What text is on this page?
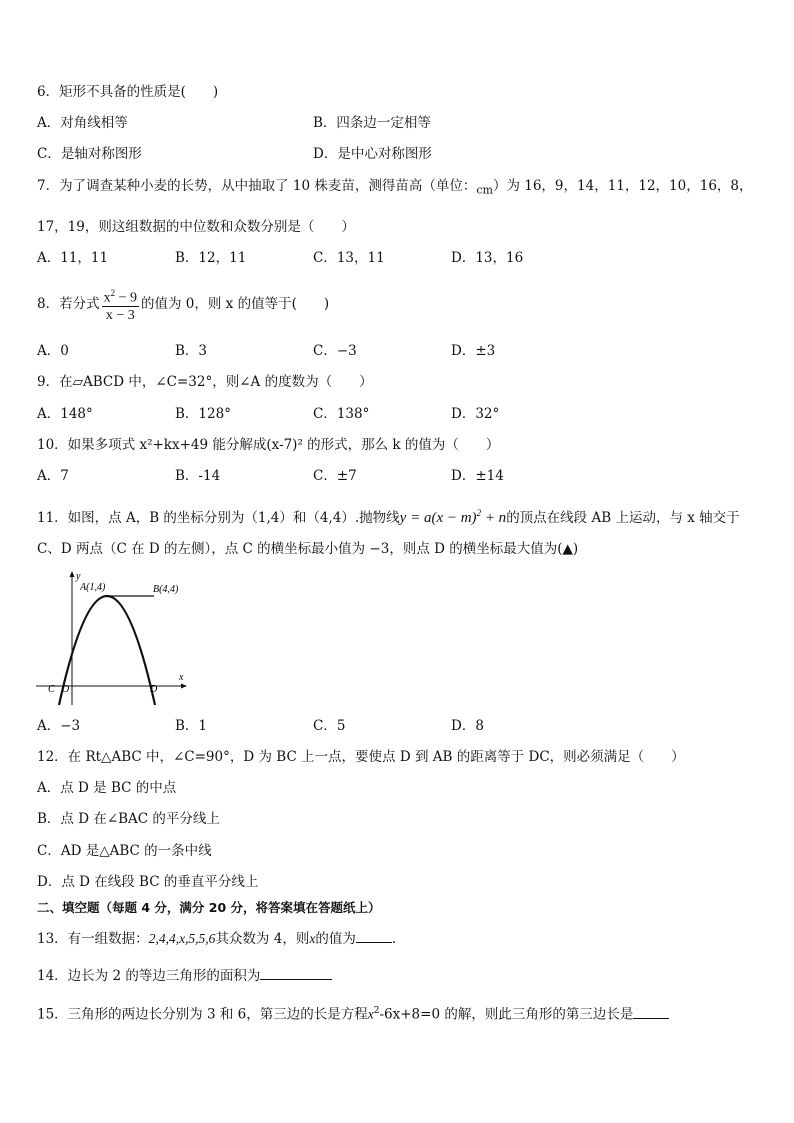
6．矩形不具备的性质是(　　)
A．对角线相等	B．四条边一定相等
C．是轴对称图形	D．是中心对称图形
7．为了调查某种小麦的长势，从中抽取了 10 株麦苗，测得苗高（单位：$_{cm}$）为 16，9，14，11，12，10，16，8，
17，19，则这组数据的中位数和众数分别是（　　）
A．11，11	B．12，11	C．13，11	D．13，16
8．若分式 $\frac{x^2 - 9}{x - 3}$ 的值为 0，则 x 的值等于(　　)
A．0	B．3	C．−3	D．±3
9．在▱ABCD 中，∠C=32°，则∠A 的度数为（　　）
A．148°	B．128°	C．138°	D．32°
10．如果多项式 x²+kx+49 能分解成(x-7)² 的形式，那么 k 的值为（　　）
A．7	B．-14	C．±7	D．±14
11．如图，点 A，B 的坐标分别为（1,4）和（4,4）.抛物线$y = a(x - m)^2 + n$的顶点在线段 AB 上运动，与 x 轴交于
C、D 两点（C 在 D 的左侧），点 C 的横坐标最小值为 −3，则点 D 的横坐标最大值为(▲)
y
x
A(1,4)	B(4,4)
C O	D
A．−3	B．1	C．5	D．8
12．在 Rt△ABC 中，∠C=90°，D 为 BC 上一点，要使点 D 到 AB 的距离等于 DC，则必须满足（　　）
A．点 D 是 BC 的中点
B．点 D 在∠BAC 的平分线上
C．AD 是△ABC 的一条中线
D．点 D 在线段 BC 的垂直平分线上
二、填空题（每题 4 分，满分 20 分，将答案填在答题纸上）
13．有一组数据：2,4,4,x,5,5,6其众数为 4，则x的值为	.
14．边长为 2 的等边三角形的面积为
15．三角形的两边长分别为 3 和 6，第三边的长是方程$x^2-6x+8=0$ 的解，则此三角形的第三边长是
